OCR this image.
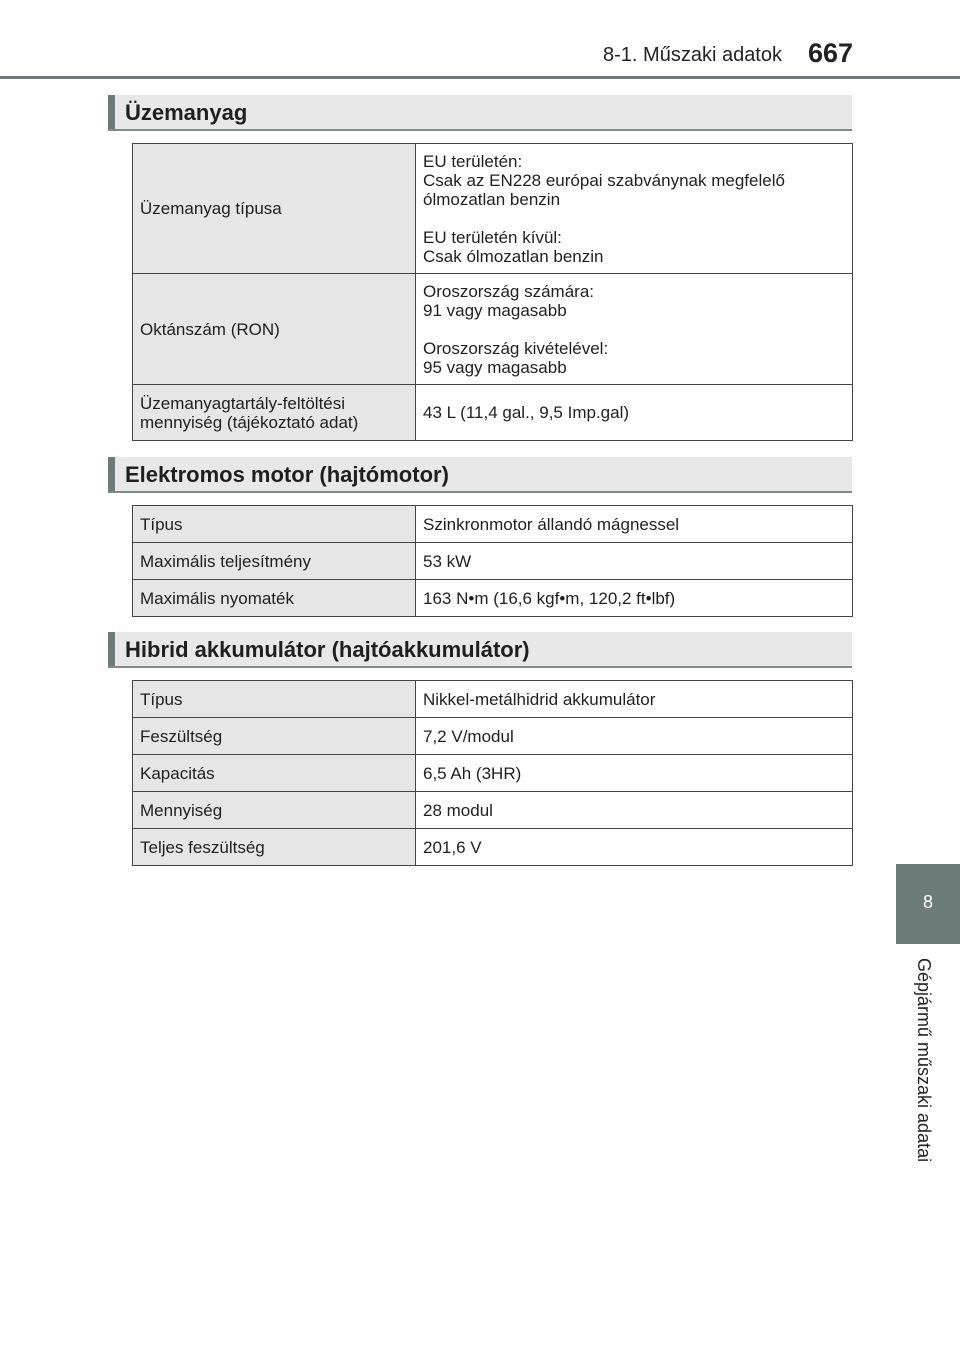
8-1. Műszaki adatok 667
8
Gépjármű műszaki adatai
Üzemanyag
Üzemanyag típusa	EU területén:
Csak az EN228 európai szabványnak megfelelő
ólmozatlan benzin
EU területén kívül:
Csak ólmozatlan benzin

Oktánszám (RON)	Oroszország számára:
91 vagy magasabb
Oroszország kivételével:
95 vagy magasabb

Üzemanyagtartály-feltöltési
mennyiség (tájékoztató adat)	43 L (11,4 gal., 9,5 Imp.gal)
Elektromos motor (hajtómotor)
Típus	Szinkronmotor állandó mágnessel
Maximális teljesítmény	53 kW
Maximális nyomaték	163 N•m (16,6 kgf•m, 120,2 ft•lbf)
Hibrid akkumulátor (hajtóakkumulátor)
Típus	Nikkel-metálhidrid akkumulátor
Feszültség	7,2 V/modul
Kapacitás	6,5 Ah (3HR)
Mennyiség	28 modul
Teljes feszültség	201,6 V
